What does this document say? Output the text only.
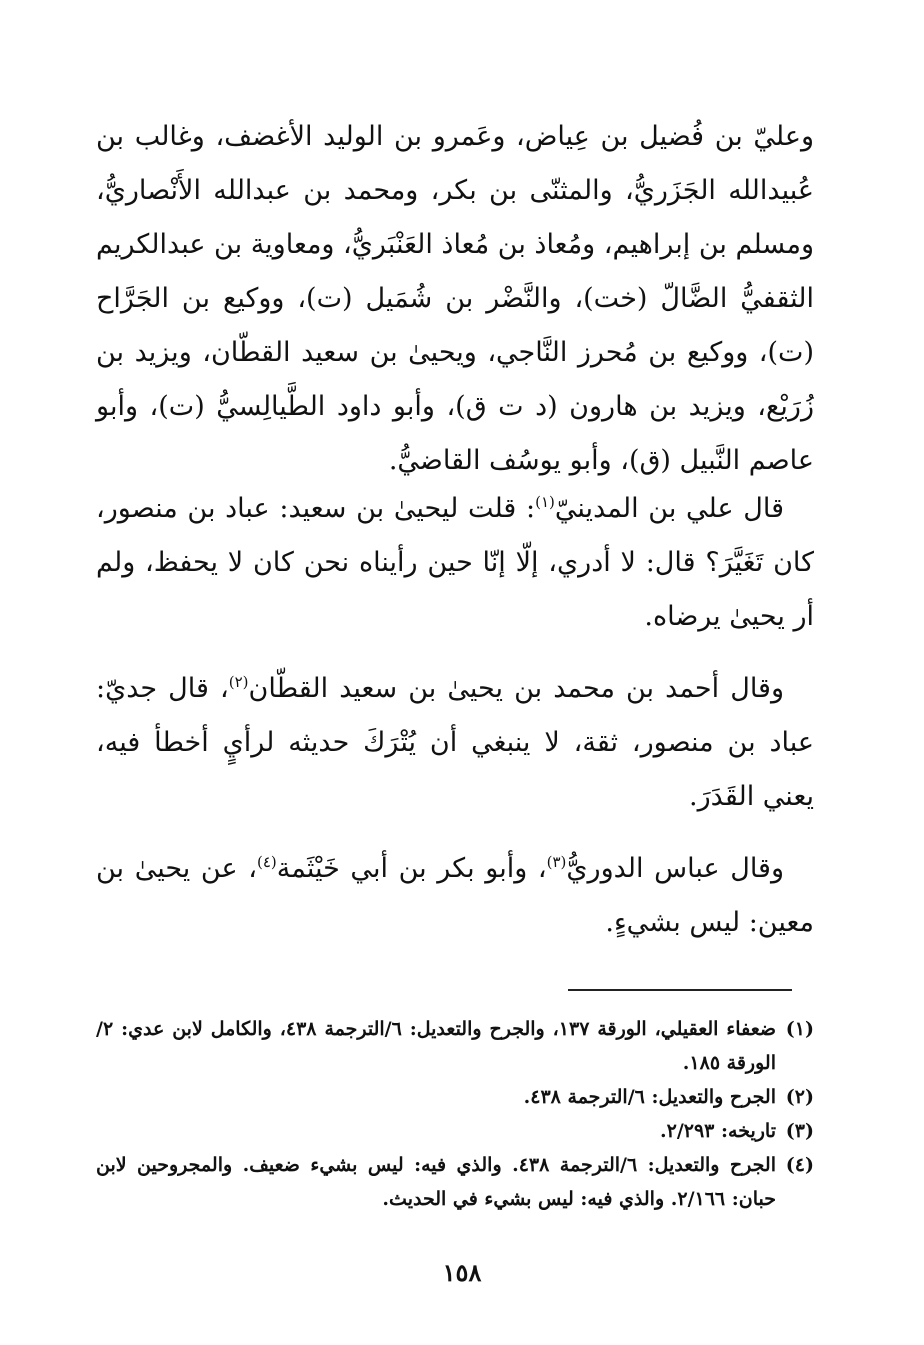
وعليّ بن فُضيل بن عِياض، وعَمرو بن الوليد الأغضف، وغالب بن عُبيدالله الجَزَريُّ، والمثنّى بن بكر، ومحمد بن عبدالله الأَنْصاريُّ، ومسلم بن إبراهيم، ومُعاذ بن مُعاذ العَنْبَريُّ، ومعاوية بن عبدالكريم الثقفيُّ الضَّالّ (خت)، والنَّضْر بن شُمَيل (ت)، ووكيع بن الجَرَّاح (ت)، ووكيع بن مُحرز النَّاجي، ويحيىٰ بن سعيد القطّان، ويزيد بن زُرَيْع، ويزيد بن هارون (د ت ق)، وأبو داود الطَّيالِسيُّ (ت)، وأبو عاصم النَّبيل (ق)، وأبو يوسُف القاضيُّ.

قال علي بن المدينيّ$^{(١)}$: قلت ليحيىٰ بن سعيد: عباد بن منصور، كان تَغَيَّرَ؟ قال: لا أدري، إلّا إنّا حين رأيناه نحن كان لا يحفظ، ولم أر يحيىٰ يرضاه.

وقال أحمد بن محمد بن يحيىٰ بن سعيد القطّان$^{(٢)}$، قال جديّ: عباد بن منصور، ثقة، لا ينبغي أن يُتْرَكَ حديثه لرأيٍ أخطأ فيه، يعني القَدَرَ.

وقال عباس الدوريُّ$^{(٣)}$، وأبو بكر بن أبي خَيْثَمة$^{(٤)}$، عن يحيىٰ بن معين: ليس بشيءٍ.

(١)
ضعفاء العقيلي، الورقة ١٣٧، والجرح والتعديل: ٦/الترجمة ٤٣٨، والكامل لابن عدي: ٢/الورقة ١٨٥.
(٢)
الجرح والتعديل: ٦/الترجمة ٤٣٨.
(٣)
تاريخه: ٢/٢٩٣.
(٤)
الجرح والتعديل: ٦/الترجمة ٤٣٨. والذي فيه: ليس بشيء ضعيف. والمجروحين لابن حبان: ٢/١٦٦. والذي فيه: ليس بشيء في الحديث.
١٥٨
